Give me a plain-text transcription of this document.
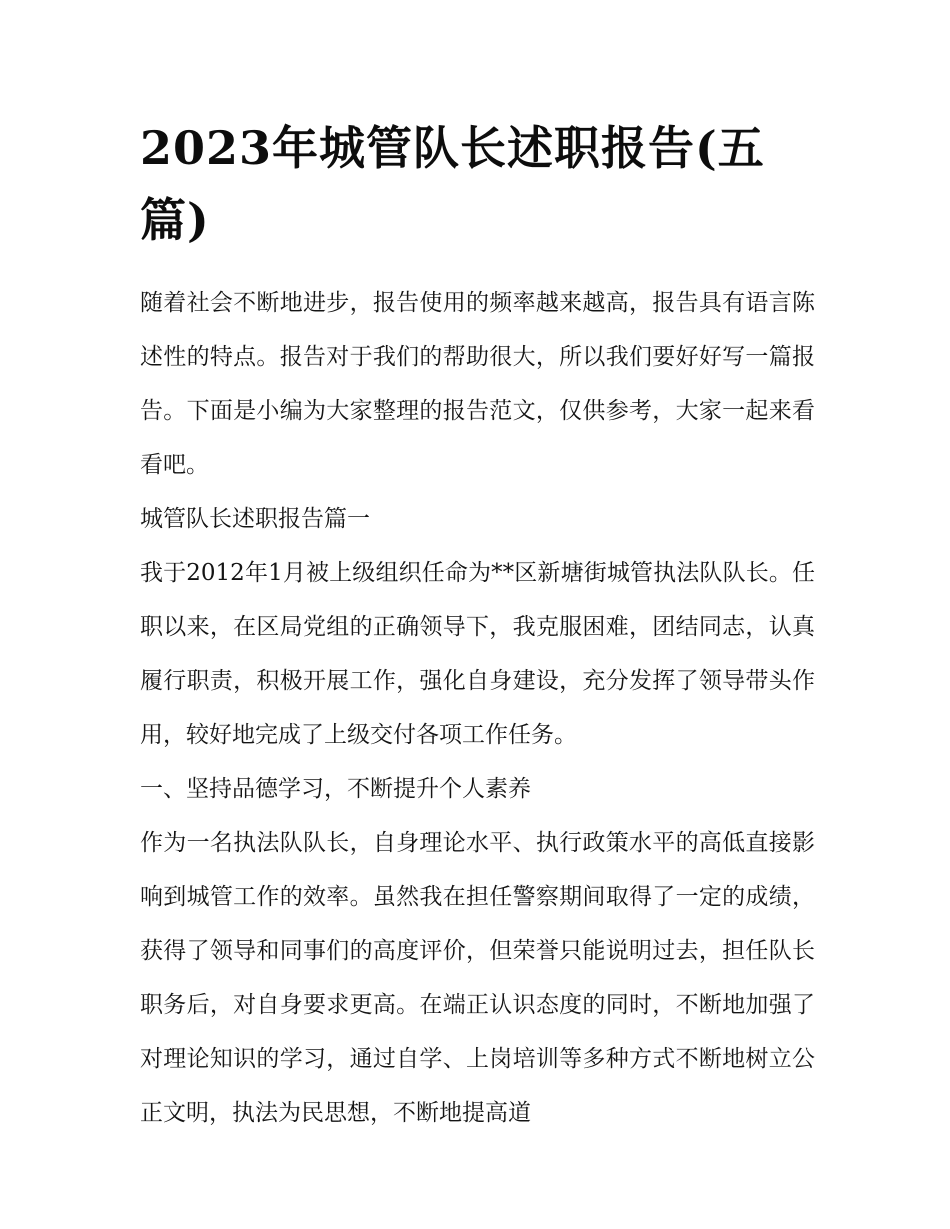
2023年城管队长述职报告(五篇)

随着社会不断地进步，报告使用的频率越来越高，报告具有语言陈述性的特点。报告对于我们的帮助很大，所以我们要好好写一篇报告。下面是小编为大家整理的报告范文，仅供参考，大家一起来看看吧。

城管队长述职报告篇一

我于2012年1月被上级组织任命为**区新塘街城管执法队队长。任职以来，在区局党组的正确领导下，我克服困难，团结同志，认真履行职责，积极开展工作，强化自身建设，充分发挥了领导带头作用，较好地完成了上级交付各项工作任务。

一、坚持品德学习，不断提升个人素养

作为一名执法队队长，自身理论水平、执行政策水平的高低直接影响到城管工作的效率。虽然我在担任警察期间取得了一定的成绩，获得了领导和同事们的高度评价，但荣誉只能说明过去，担任队长职务后，对自身要求更高。在端正认识态度的同时，不断地加强了对理论知识的学习，通过自学、上岗培训等多种方式不断地树立公正文明，执法为民思想，不断地提高道
